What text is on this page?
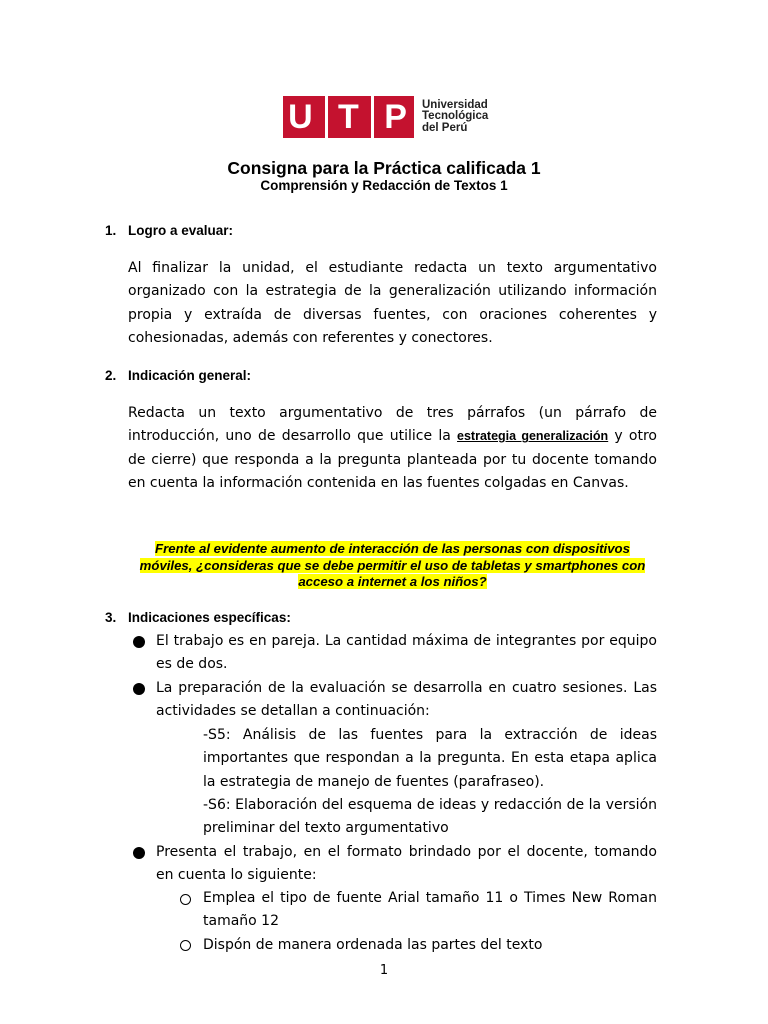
U T P Universidad
Tecnológica
del Perú
Consigna para la Práctica calificada 1
Comprensión y Redacción de Textos 1
1. Logro a evaluar:
Al finalizar la unidad, el estudiante redacta un texto argumentativo organizado con la estrategia de la generalización utilizando información propia y extraída de diversas fuentes, con oraciones coherentes y cohesionadas, además con referentes y conectores.
2. Indicación general:
Redacta un texto argumentativo de tres párrafos (un párrafo de introducción, uno de desarrollo que utilice la estrategia generalización y otro de cierre) que responda a la pregunta planteada por tu docente tomando en cuenta la información contenida en las fuentes colgadas en Canvas.
Frente al evidente aumento de interacción de las personas con dispositivos móviles, ¿consideras que se debe permitir el uso de tabletas y smartphones con acceso a internet a los niños?
3. Indicaciones específicas:
El trabajo es en pareja. La cantidad máxima de integrantes por equipo es de dos.
La preparación de la evaluación se desarrolla en cuatro sesiones. Las actividades se detallan a continuación:
-S5: Análisis de las fuentes para la extracción de ideas importantes que respondan a la pregunta. En esta etapa aplica la estrategia de manejo de fuentes (parafraseo).
-S6: Elaboración del esquema de ideas y redacción de la versión preliminar del texto argumentativo
Presenta el trabajo, en el formato brindado por el docente, tomando en cuenta lo siguiente:
Emplea el tipo de fuente Arial tamaño 11 o Times New Roman tamaño 12
Dispón de manera ordenada las partes del texto
1
